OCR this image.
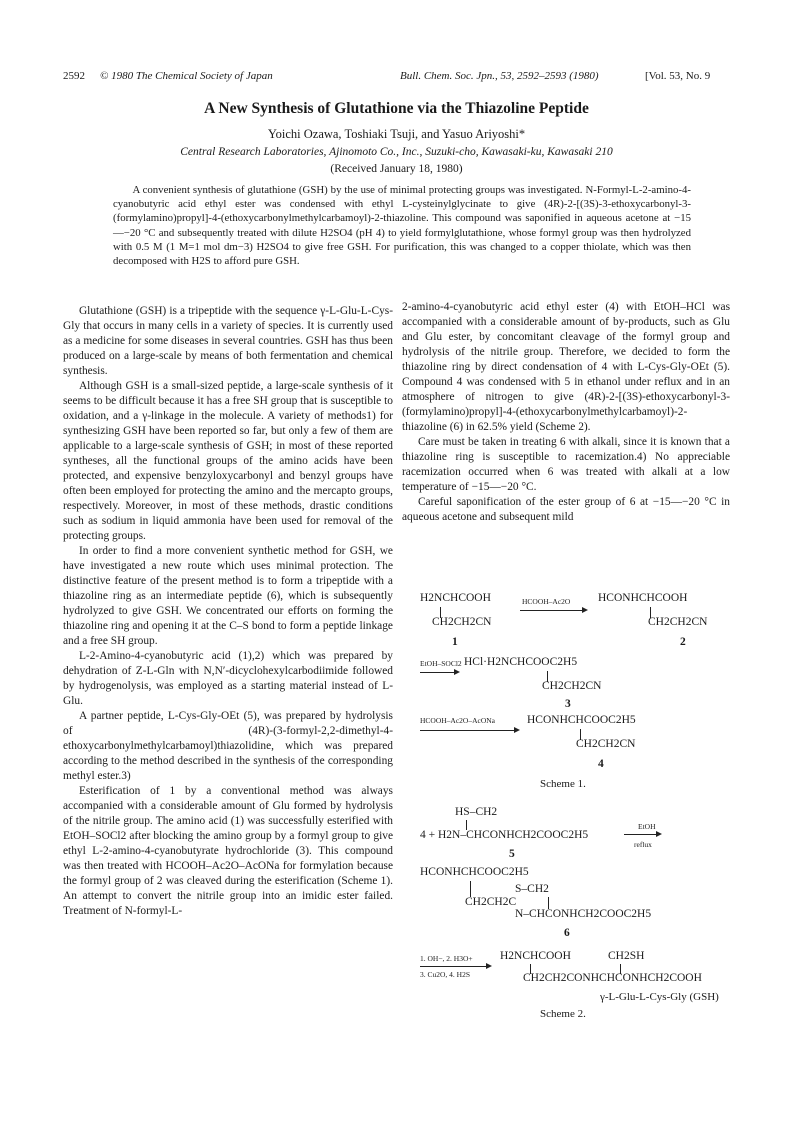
2592 © 1980 The Chemical Society of Japan	Bull. Chem. Soc. Jpn., 53, 2592–2593 (1980)	[Vol. 53, No. 9
A New Synthesis of Glutathione via the Thiazoline Peptide
Yoichi Ozawa, Toshiaki Tsuji, and Yasuo Ariyoshi*
Central Research Laboratories, Ajinomoto Co., Inc., Suzuki-cho, Kawasaki-ku, Kawasaki 210
(Received January 18, 1980)
A convenient synthesis of glutathione (GSH) by the use of minimal protecting groups was investigated. N-Formyl-L-2-amino-4-cyanobutyric acid ethyl ester was condensed with ethyl L-cysteinylglycinate to give (4R)-2-[(3S)-3-ethoxycarbonyl-3-(formylamino)propyl]-4-(ethoxycarbonylmethylcarbamoyl)-2-thiazoline. This compound was saponified in aqueous acetone at −15—−20 °C and subsequently treated with dilute H2SO4 (pH 4) to yield formylglutathione, whose formyl group was then hydrolyzed with 0.5 M (1 M=1 mol dm−3) H2SO4 to give free GSH. For purification, this was changed to a copper thiolate, which was then decomposed with H2S to afford pure GSH.

Glutathione (GSH) is a tripeptide with the sequence γ-L-Glu-L-Cys-Gly that occurs in many cells in a variety of species. It is currently used as a medicine for some diseases in several countries. GSH has thus been produced on a large-scale by means of both fermentation and chemical synthesis.

Although GSH is a small-sized peptide, a large-scale synthesis of it seems to be difficult because it has a free SH group that is susceptible to oxidation, and a γ-linkage in the molecule. A variety of methods1) for synthesizing GSH have been reported so far, but only a few of them are applicable to a large-scale synthesis of GSH; in most of these reported syntheses, all the functional groups of the amino acids have been protected, and expensive benzyloxycarbonyl and benzyl groups have often been employed for protecting the amino and the mercapto groups, respectively. Moreover, in most of these methods, drastic conditions such as sodium in liquid ammonia have been used for removal of the protecting groups.

In order to find a more convenient synthetic method for GSH, we have investigated a new route which uses minimal protection. The distinctive feature of the present method is to form a tripeptide with a thiazoline ring as an intermediate peptide (6), which is subsequently hydrolyzed to give GSH. We concentrated our efforts on forming the thiazoline ring and opening it at the C–S bond to form a peptide linkage and a free SH group.

L-2-Amino-4-cyanobutyric acid (1),2) which was prepared by dehydration of Z-L-Gln with N,N′-dicyclohexylcarbodiimide followed by hydrogenolysis, was employed as a starting material instead of L-Glu.

A partner peptide, L-Cys-Gly-OEt (5), was prepared by hydrolysis of (4R)-(3-formyl-2,2-dimethyl-4-ethoxycarbonylmethylcarbamoyl)thiazolidine, which was prepared according to the method described in the synthesis of the corresponding methyl ester.3)

Esterification of 1 by a conventional method was always accompanied with a considerable amount of Glu formed by hydrolysis of the nitrile group. The amino acid (1) was successfully esterified with EtOH–SOCl2 after blocking the amino group by a formyl group to give ethyl L-2-amino-4-cyanobutyrate hydrochloride (3). This compound was then treated with HCOOH–Ac2O–AcONa for formylation because the formyl group of 2 was cleaved during the esterification (Scheme 1). An attempt to convert the nitrile group into an imidic ester failed. Treatment of N-formyl-L-

2-amino-4-cyanobutyric acid ethyl ester (4) with EtOH–HCl was accompanied with a considerable amount of by-products, such as Glu and Glu ester, by concomitant cleavage of the formyl group and hydrolysis of the nitrile group. Therefore, we decided to form the thiazoline ring by direct condensation of 4 with L-Cys-Gly-OEt (5). Compound 4 was condensed with 5 in ethanol under reflux and in an atmosphere of nitrogen to give (4R)-2-[(3S)-ethoxycarbonyl-3-(formylamino)propyl]-4-(ethoxycarbonylmethylcarbamoyl)-2-thiazoline (6) in 62.5% yield (Scheme 2).

Care must be taken in treating 6 with alkali, since it is known that a thiazoline ring is susceptible to racemization.4) No appreciable racemization occurred when 6 was treated with alkali at a low temperature of −15—−20 °C.

Careful saponification of the ester group of 6 at −15—−20 °C in aqueous acetone and subsequent mild

H2NCHCOOH
CH2CH2CN
1
HCOOH–Ac2O HCONHCHCOOH
CH2CH2CN
2
EtOH–SOCl2 HCl·H2NCHCOOC2H5
CH2CH2CN
3
HCOOH–Ac2O–AcONa	HCONHCHCOOC2H5
CH2CH2CN
4
Scheme 1.
HS–CH2
4 + H2N–CHCONHCH2COOC2H5
5
EtOH
reflux
HCONHCHCOOC2H5
S–CH2
CH2CH2C
N–CHCONHCH2COOC2H5
6
1. OH−, 2. H3O+
3. Cu2O, 4. H2S
H2NCHCOOH	CH2SH
CH2CH2CONHCHCONHCH2COOH
γ-L-Glu-L-Cys-Gly (GSH)
Scheme 2.
